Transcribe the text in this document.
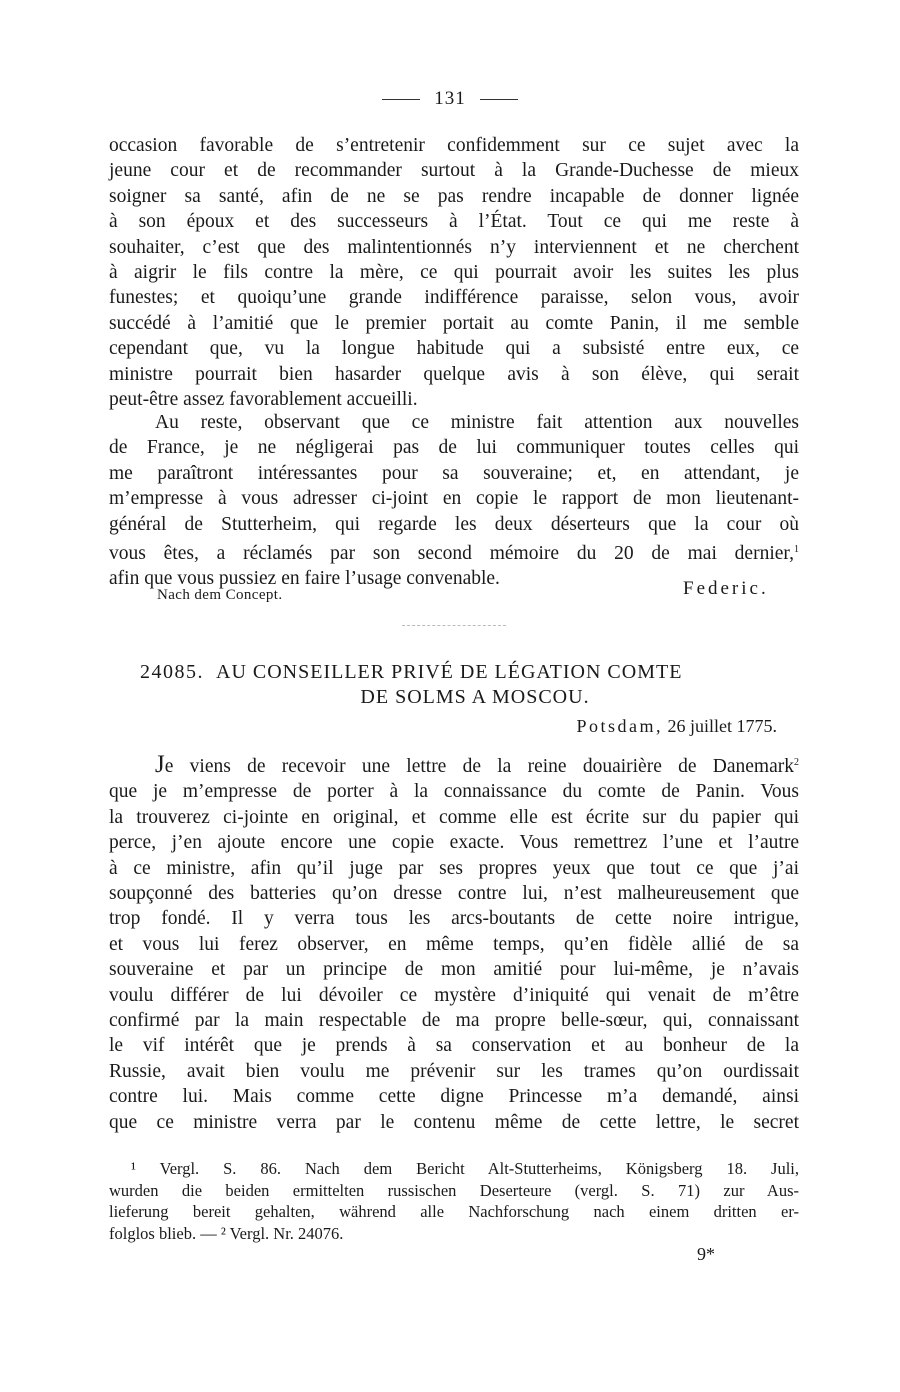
131
occasion favorable de s’entretenir confidemment sur ce sujet avec la
jeune cour et de recommander surtout à la Grande-Duchesse de mieux
soigner sa santé, afin de ne se pas rendre incapable de donner lignée
à son époux et des successeurs à l’État. Tout ce qui me reste à
souhaiter, c’est que des malintentionnés n’y interviennent et ne cherchent
à aigrir le fils contre la mère, ce qui pourrait avoir les suites les plus
funestes; et quoiqu’une grande indifférence paraisse, selon vous, avoir
succédé à l’amitié que le premier portait au comte Panin, il me semble
cependant que, vu la longue habitude qui a subsisté entre eux, ce
ministre pourrait bien hasarder quelque avis à son élève, qui serait
peut-être assez favorablement accueilli.
Au reste, observant que ce ministre fait attention aux nouvelles
de France, je ne négligerai pas de lui communiquer toutes celles qui
me paraîtront intéressantes pour sa souveraine; et, en attendant, je
m’empresse à vous adresser ci-joint en copie le rapport de mon lieutenant-
général de Stutterheim, qui regarde les deux déserteurs que la cour où
vous êtes, a réclamés par son second mémoire du 20 de mai dernier,$^1$
afin que vous pussiez en faire l’usage convenable.
Nach dem Concept.	Federic.
24085. AU CONSEILLER PRIVÉ DE LÉGATION COMTE
DE SOLMS A MOSCOU.
Potsdam, 26 juillet 1775.
Je viens de recevoir une lettre de la reine douairière de Danemark$^2$
que je m’empresse de porter à la connaissance du comte de Panin. Vous
la trouverez ci-jointe en original, et comme elle est écrite sur du papier qui
perce, j’en ajoute encore une copie exacte. Vous remettrez l’une et l’autre
à ce ministre, afin qu’il juge par ses propres yeux que tout ce que j’ai
soupçonné des batteries qu’on dresse contre lui, n’est malheureusement que
trop fondé. Il y verra tous les arcs-boutants de cette noire intrigue,
et vous lui ferez observer, en même temps, qu’en fidèle allié de sa
souveraine et par un principe de mon amitié pour lui-même, je n’avais
voulu différer de lui dévoiler ce mystère d’iniquité qui venait de m’être
confirmé par la main respectable de ma propre belle-sœur, qui, connaissant
le vif intérêt que je prends à sa conservation et au bonheur de la
Russie, avait bien voulu me prévenir sur les trames qu’on ourdissait
contre lui. Mais comme cette digne Princesse m’a demandé, ainsi
que ce ministre verra par le contenu même de cette lettre, le secret
¹ Vergl. S. 86. Nach dem Bericht Alt-Stutterheims, Königsberg 18. Juli,
wurden die beiden ermittelten russischen Deserteure (vergl. S. 71) zur Aus-
lieferung bereit gehalten, während alle Nachforschung nach einem dritten er-
folglos blieb. — ² Vergl. Nr. 24076.
9*
